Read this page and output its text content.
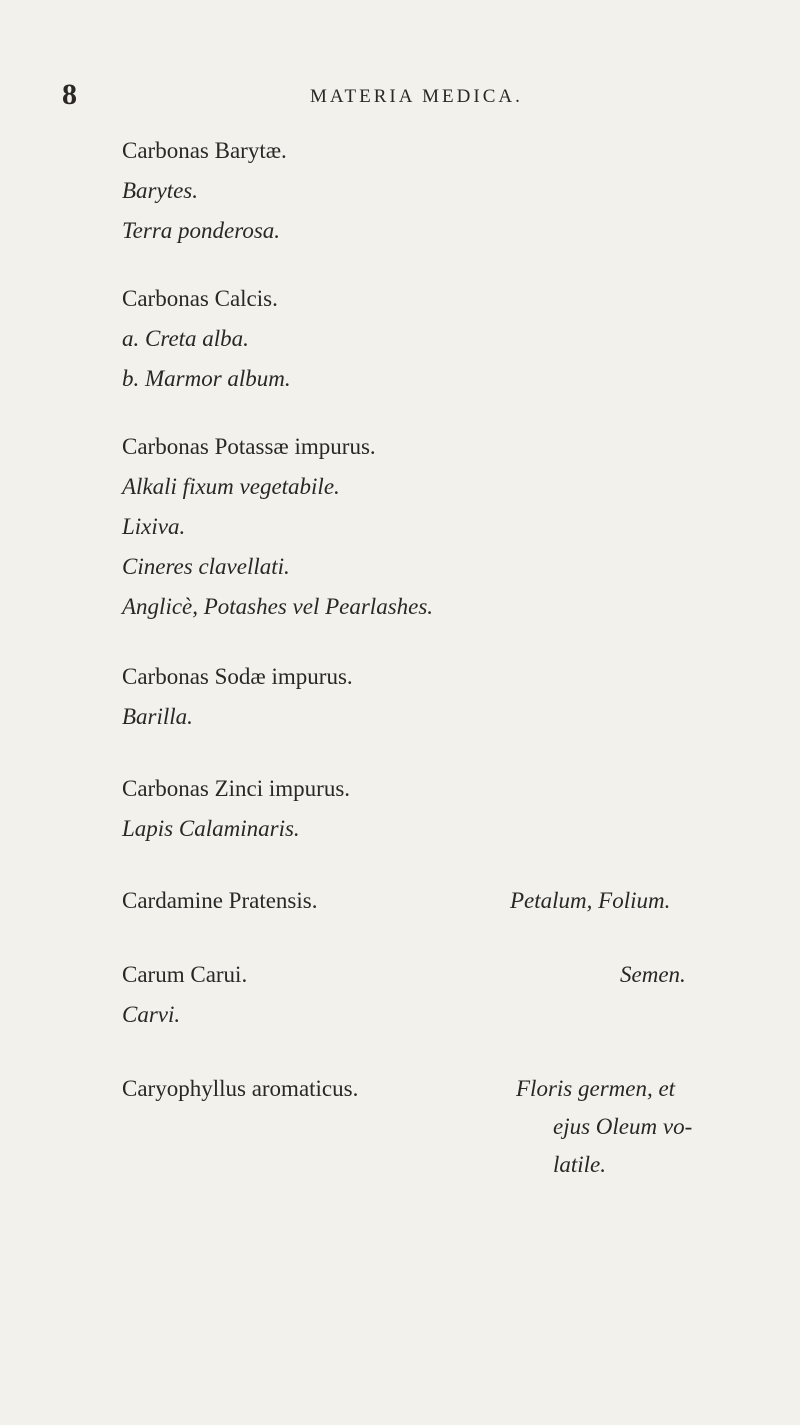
8	MATERIA MEDICA.
Carbonas Barytæ.
Barytes.
Terra ponderosa.
Carbonas Calcis.
a. Creta alba.
b. Marmor album.
Carbonas Potassæ impurus.
Alkali fixum vegetabile.
Lixiva.
Cineres clavellati.
Anglicè, Potashes vel Pearlashes.
Carbonas Sodæ impurus.
Barilla.
Carbonas Zinci impurus.
Lapis Calaminaris.
Cardamine Pratensis.	Petalum, Folium.
Carum Carui.	Semen.
Carvi.
Caryophyllus aromaticus.	Floris germen, et
ejus Oleum vo-
latile.
